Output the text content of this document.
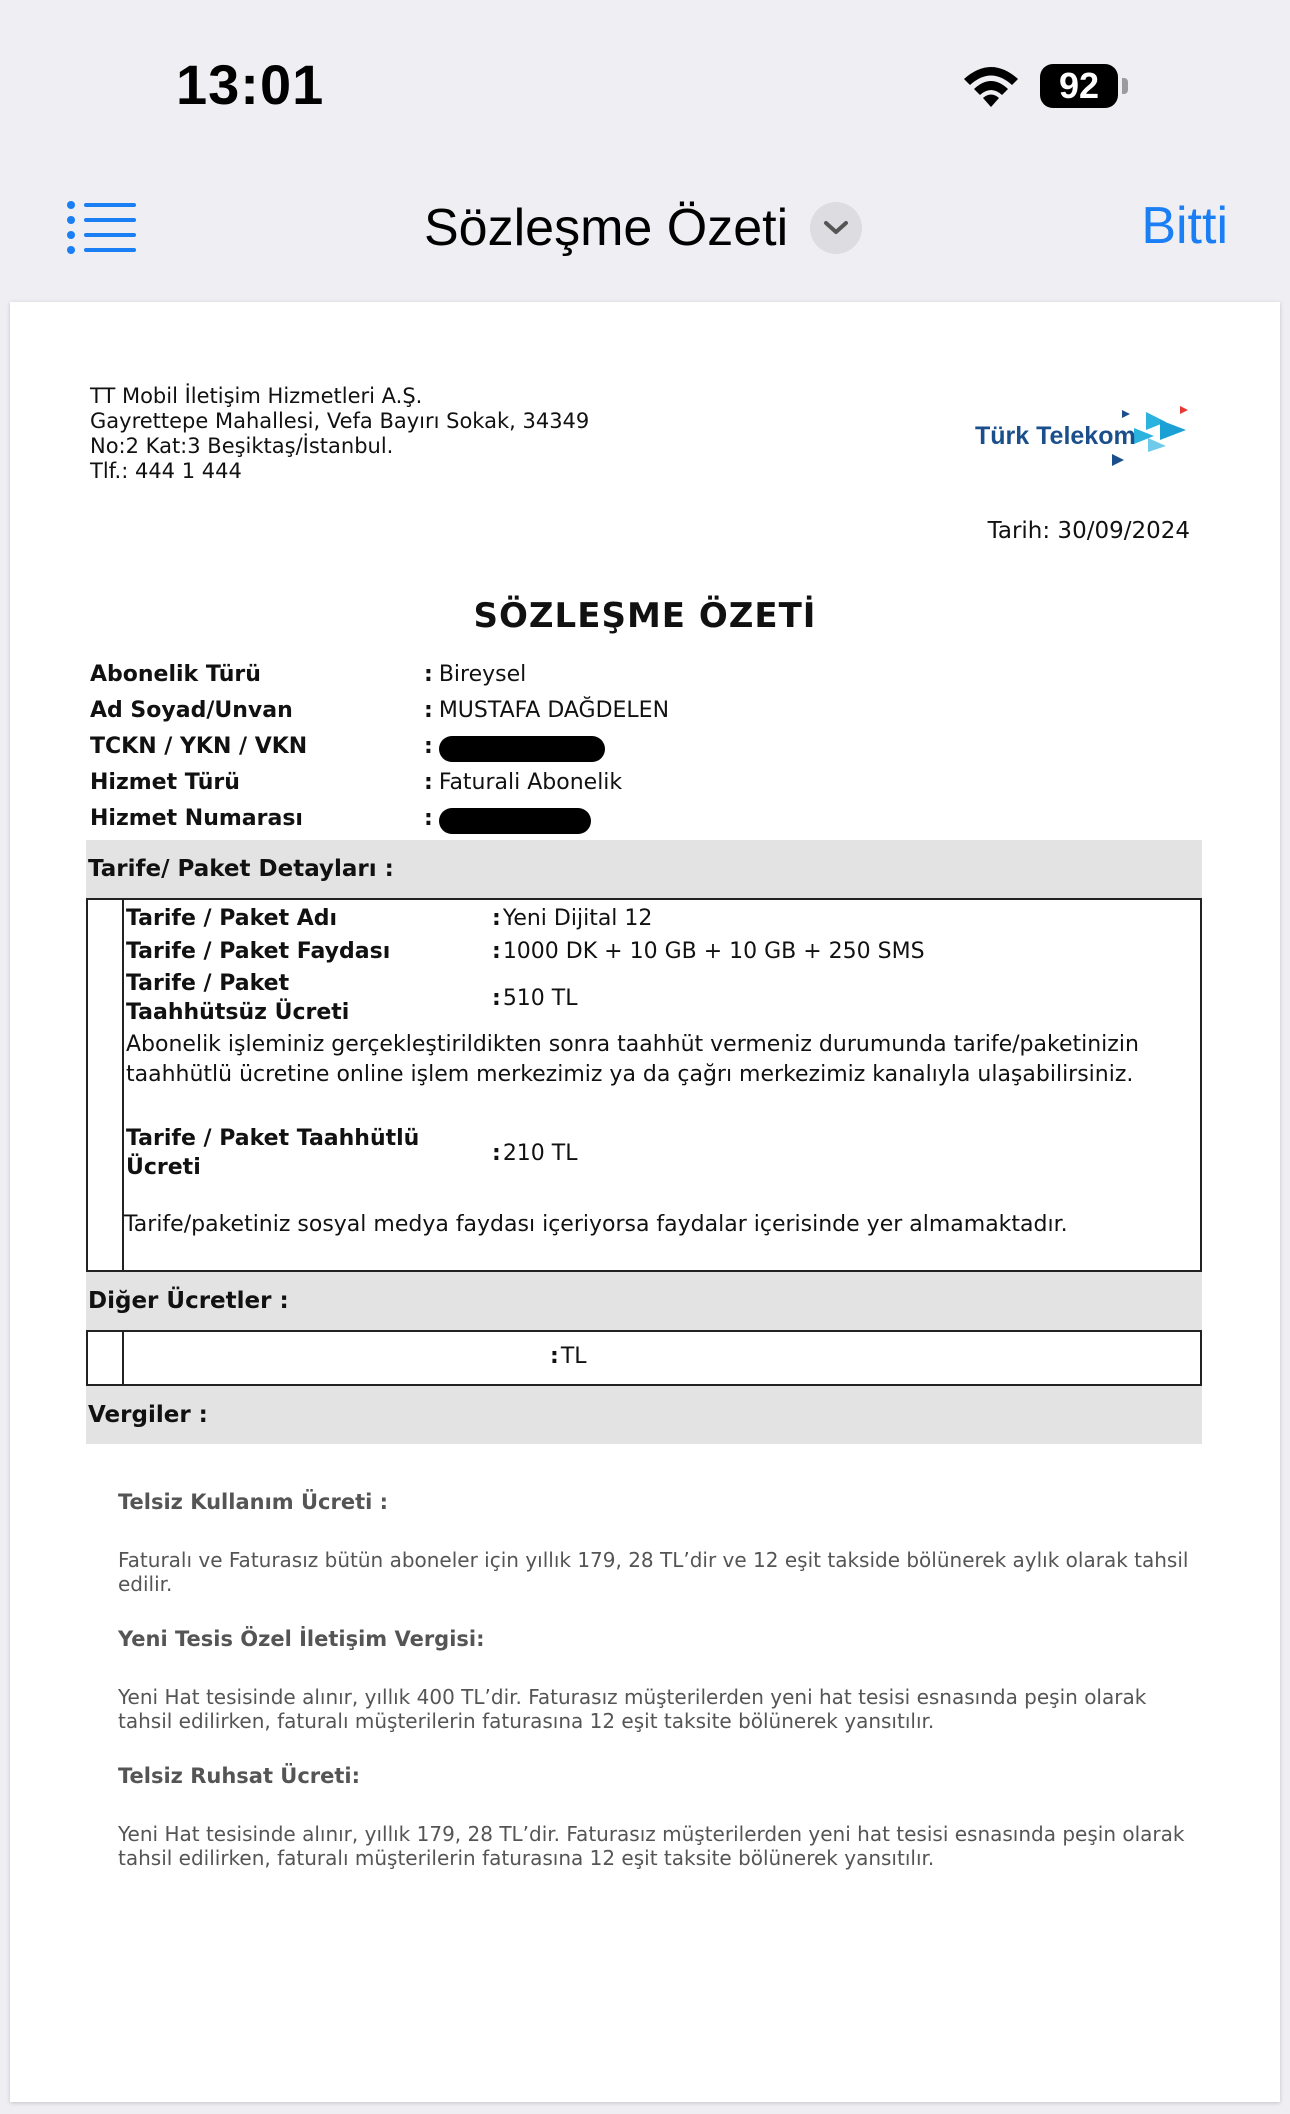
13:01	92
Sözleşme Özeti	Bitti
TT Mobil İletişim Hizmetleri A.Ş.
Gayrettepe Mahallesi, Vefa Bayırı Sokak, 34349
No:2 Kat:3 Beşiktaş/İstanbul.
Tlf.: 444 1 444
Türk Telekom
Tarih: 30/09/2024
SÖZLEŞME ÖZETİ
Abonelik Türü	: Bireysel
Ad Soyad/Unvan	: MUSTAFA DAĞDELEN
TCKN / YKN / VKN
:
Hizmet Türü	: Faturali Abonelik
Hizmet Numarası
:
Tarife/ Paket Detayları :
Tarife / Paket Adı	: Yeni Dijital 12
Tarife / Paket Faydası	: 1000 DK + 10 GB + 10 GB + 250 SMS
Tarife / Paket Taahhütsüz Ücreti
: 510 TL
Abonelik işleminiz gerçekleştirildikten sonra taahhüt vermeniz durumunda tarife/paketinizin taahhütlü ücretine online işlem merkezimiz ya da çağrı merkezimiz kanalıyla ulaşabilirsiniz.
Tarife / Paket Taahhütlü Ücreti
: 210 TL
Tarife/paketiniz sosyal medya faydası içeriyorsa faydalar içerisinde yer almamaktadır.
Diğer Ücretler :
: TL
Vergiler :
Telsiz Kullanım Ücreti :
Faturalı ve Faturasız bütün aboneler için yıllık 179, 28 TL’dir ve 12 eşit takside bölünerek aylık olarak tahsil edilir.
Yeni Tesis Özel İletişim Vergisi:
Yeni Hat tesisinde alınır, yıllık 400 TL’dir. Faturasız müşterilerden yeni hat tesisi esnasında peşin olarak tahsil edilirken, faturalı müşterilerin faturasına 12 eşit taksite bölünerek yansıtılır.
Telsiz Ruhsat Ücreti:
Yeni Hat tesisinde alınır, yıllık 179, 28 TL’dir. Faturasız müşterilerden yeni hat tesisi esnasında peşin olarak tahsil edilirken, faturalı müşterilerin faturasına 12 eşit taksite bölünerek yansıtılır.
